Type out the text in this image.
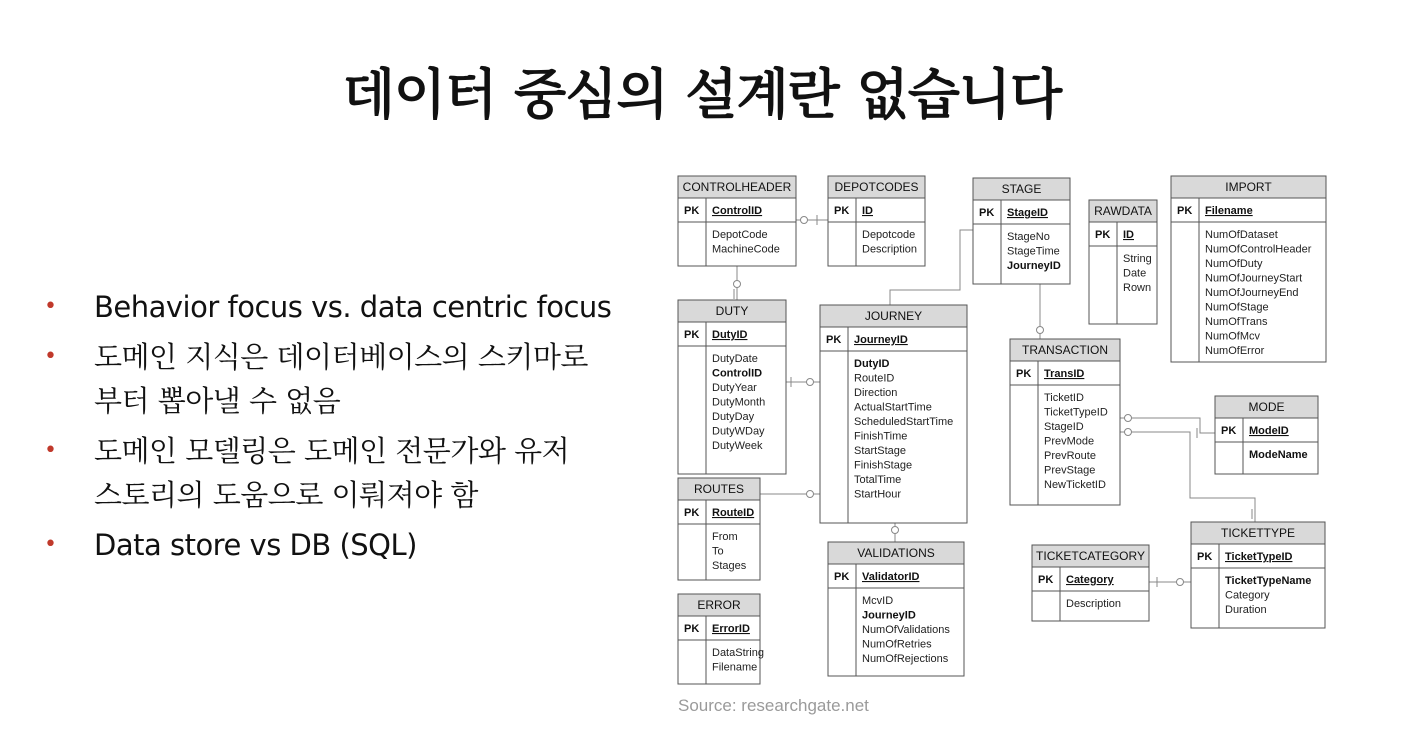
데이터 중심의 설계란 없습니다
• Behavior focus vs. data centric focus
• 도메인 지식은 데이터베이스의 스키마로
부터 뽑아낼 수 없음
• 도메인 모델링은 도메인 전문가와 유저
스토리의 도움으로 이뤄져야 함
• Data store vs DB (SQL)
CONTROLHEADER
PK ControlID
DepotCode
MachineCode
DEPOTCODES
PK ID
Depotcode
Description
STAGE
PK StageID
StageNo
StageTime
JourneyID
RAWDATA
PK ID
String
Date
Rown
IMPORT
PK Filename
NumOfDataset
NumOfControlHeader
NumOfDuty
NumOfJourneyStart
NumOfJourneyEnd
NumOfStage
NumOfTrans
NumOfMcv
NumOfError
DUTY
PK DutyID
DutyDate
ControlID
DutyYear
DutyMonth
DutyDay
DutyWDay
DutyWeek
JOURNEY
PK JourneyID
DutyID
RouteID
Direction
ActualStartTime
ScheduledStartTime
FinishTime
StartStage
FinishStage
TotalTime
StartHour
TRANSACTION
PK TransID
TicketID
TicketTypeID
StageID
PrevMode
PrevRoute
PrevStage
NewTicketID
MODE
PK ModeID
ModeName
ROUTES
PK RouteID
From
To
Stages
VALIDATIONS
PK ValidatorID
McvID
JourneyID
NumOfValidations
NumOfRetries
NumOfRejections
TICKETCATEGORY
PK Category
Description
TICKETTYPE
PK TicketTypeID
TicketTypeName
Category
Duration
ERROR
PK ErrorID
DataString
Filename
Source: researchgate.net
